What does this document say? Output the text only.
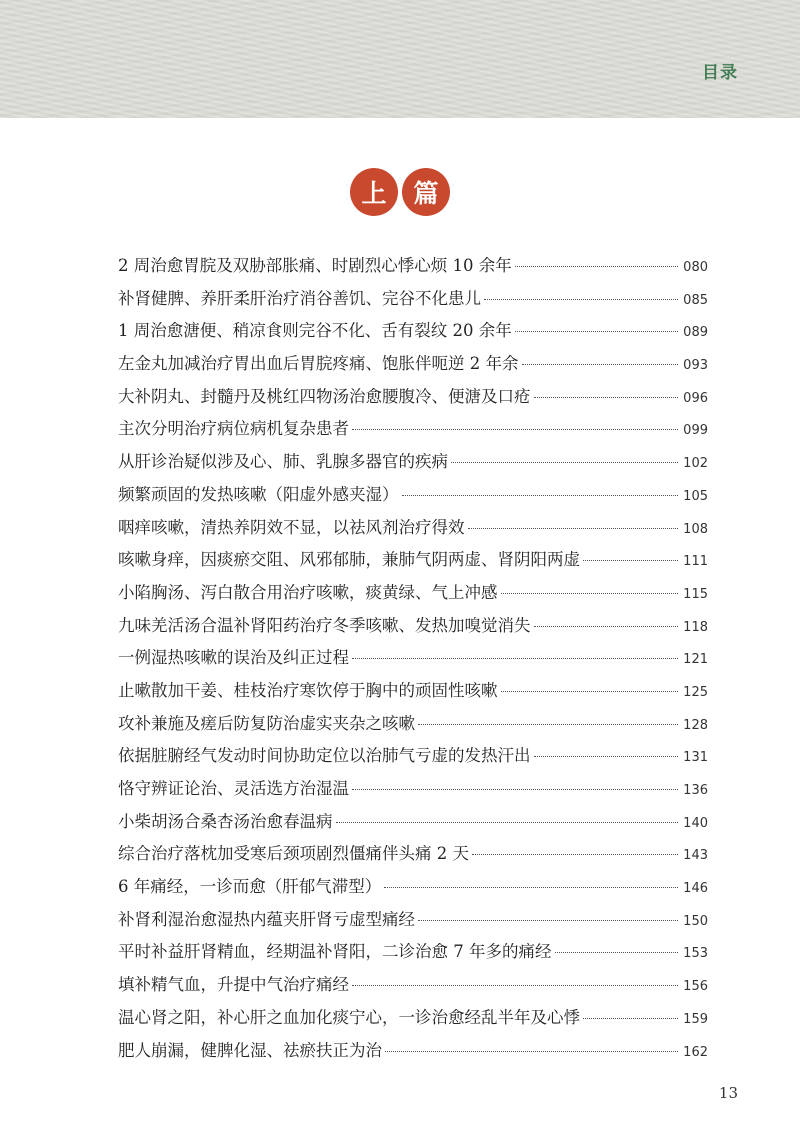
目录
上	篇
2 周治愈胃脘及双胁部胀痛、时剧烈心悸心烦 10 余年	080
补肾健脾、养肝柔肝治疗消谷善饥、完谷不化患儿	085
1 周治愈溏便、稍凉食则完谷不化、舌有裂纹 20 余年	089
左金丸加减治疗胃出血后胃脘疼痛、饱胀伴呃逆 2 年余	093
大补阴丸、封髓丹及桃红四物汤治愈腰腹冷、便溏及口疮	096
主次分明治疗病位病机复杂患者	099
从肝诊治疑似涉及心、肺、乳腺多器官的疾病	102
频繁顽固的发热咳嗽（阳虚外感夹湿）	105
咽痒咳嗽，清热养阴效不显，以祛风剂治疗得效	108
咳嗽身痒，因痰瘀交阻、风邪郁肺，兼肺气阴两虚、肾阴阳两虚	111
小陷胸汤、泻白散合用治疗咳嗽，痰黄绿、气上冲感	115
九味羌活汤合温补肾阳药治疗冬季咳嗽、发热加嗅觉消失	118
一例湿热咳嗽的误治及纠正过程	121
止嗽散加干姜、桂枝治疗寒饮停于胸中的顽固性咳嗽	125
攻补兼施及瘥后防复防治虚实夹杂之咳嗽	128
依据脏腑经气发动时间协助定位以治肺气亏虚的发热汗出	131
恪守辨证论治、灵活选方治湿温	136
小柴胡汤合桑杏汤治愈春温病	140
综合治疗落枕加受寒后颈项剧烈僵痛伴头痛 2 天	143
6 年痛经，一诊而愈（肝郁气滞型）	146
补肾利湿治愈湿热内蕴夹肝肾亏虚型痛经	150
平时补益肝肾精血，经期温补肾阳，二诊治愈 7 年多的痛经	153
填补精气血，升提中气治疗痛经	156
温心肾之阳，补心肝之血加化痰宁心，一诊治愈经乱半年及心悸	159
肥人崩漏，健脾化湿、祛瘀扶正为治	162
13
